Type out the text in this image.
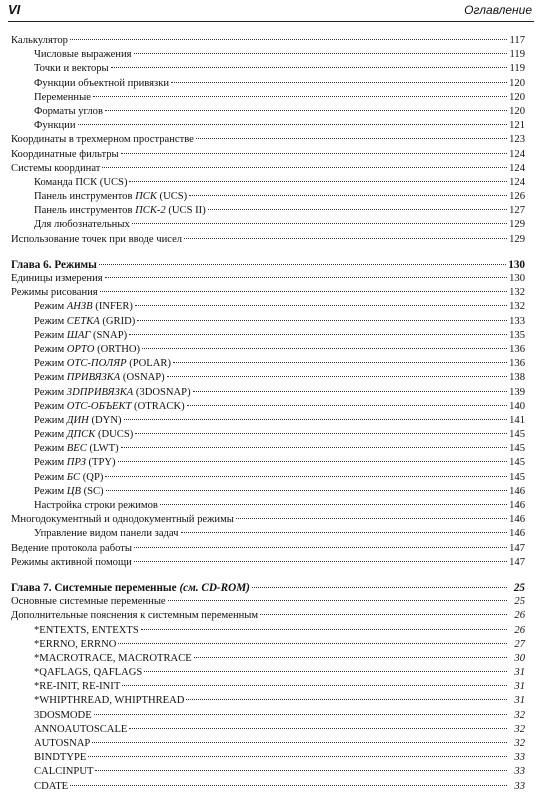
VI	Оглавление
Калькулятор	117
Числовые выражения	119
Точки и векторы	119
Функции объектной привязки	120
Переменные	120
Форматы углов	120
Функции	121
Координаты в трехмерном пространстве	123
Координатные фильтры	124
Системы координат	124
Команда ПСК (UCS)	124
Панель инструментов ПСК (UCS)	126
Панель инструментов ПСК-2 (UCS II)	127
Для любознательных	129
Использование точек при вводе чисел	129
Глава 6. Режимы	130
Единицы измерения	130
Режимы рисования	132
Режим АНЗВ (INFER)	132
Режим СЕТКА (GRID)	133
Режим ШАГ (SNAP)	135
Режим ОРТО (ORTHO)	136
Режим ОТС-ПОЛЯР (POLAR)	136
Режим ПРИВЯЗКА (OSNAP)	138
Режим 3DПРИВЯЗКА (3DOSNAP)	139
Режим ОТС-ОБЪЕКТ (OTRACK)	140
Режим ДИН (DYN)	141
Режим ДПСК (DUCS)	145
Режим ВЕС (LWT)	145
Режим ПРЗ (TPY)	145
Режим БС (QP)	145
Режим ЦВ (SC)	146
Настройка строки режимов	146
Многодокументный и однодокументный режимы	146
Управление видом панели задач	146
Ведение протокола работы	147
Режимы активной помощи	147
Глава 7. Системные переменные (см. CD-ROM)	25
Основные системные переменные	25
Дополнительные пояснения к системным переменным	26
*ENTEXTS, ENTEXTS	26
*ERRNO, ERRNO	27
*MACROTRACE, MACROTRACE	30
*QAFLAGS, QAFLAGS	31
*RE-INIT, RE-INIT	31
*WHIPTHREAD, WHIPTHREAD	31
3DOSMODE	32
ANNOAUTOSCALE	32
AUTOSNAP	32
BINDTYPE	33
CALCINPUT	33
CDATE	33
